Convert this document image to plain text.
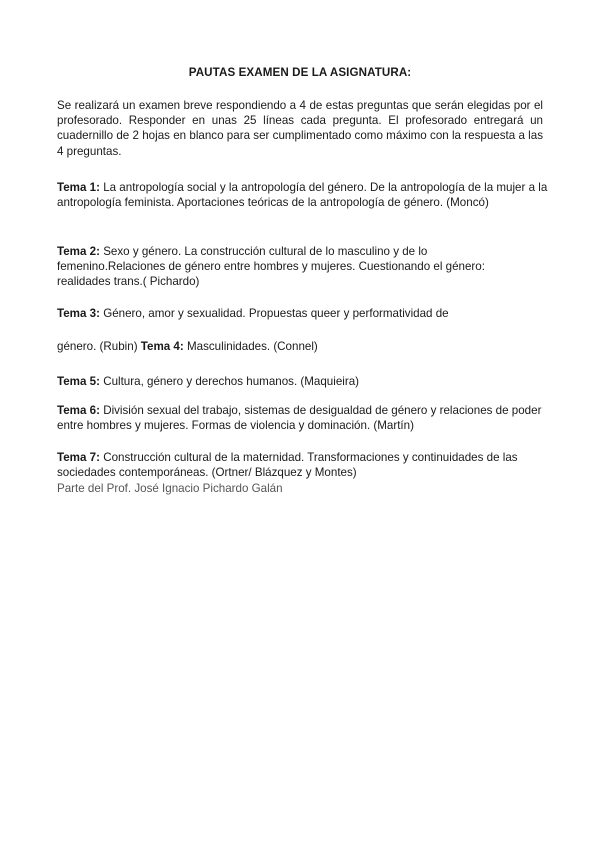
PAUTAS EXAMEN DE LA ASIGNATURA:
Se realizará un examen breve respondiendo a 4 de estas preguntas que serán elegidas por el profesorado. Responder en unas 25 líneas cada pregunta. El profesorado entregará un cuadernillo de 2 hojas en blanco para ser cumplimentado como máximo con la respuesta a las 4 preguntas.
Tema 1: La antropología social y la antropología del género. De la antropología de la mujer a la antropología feminista. Aportaciones teóricas de la antropología de género. (Moncó)
Tema 2: Sexo y género. La construcción cultural de lo masculino y de lo femenino.Relaciones de género entre hombres y mujeres. Cuestionando el género: realidades trans.( Pichardo)
Tema 3: Género, amor y sexualidad. Propuestas queer y performatividad de
género. (Rubin) Tema 4: Masculinidades. (Connel)
Tema 5: Cultura, género y derechos humanos. (Maquieira)
Tema 6: División sexual del trabajo, sistemas de desigualdad de género y relaciones de poder entre hombres y mujeres. Formas de violencia y dominación. (Martín)
Tema 7: Construcción cultural de la maternidad. Transformaciones y continuidades de las sociedades contemporáneas. (Ortner/ Blázquez y Montes)
Parte del Prof. José Ignacio Pichardo Galán
